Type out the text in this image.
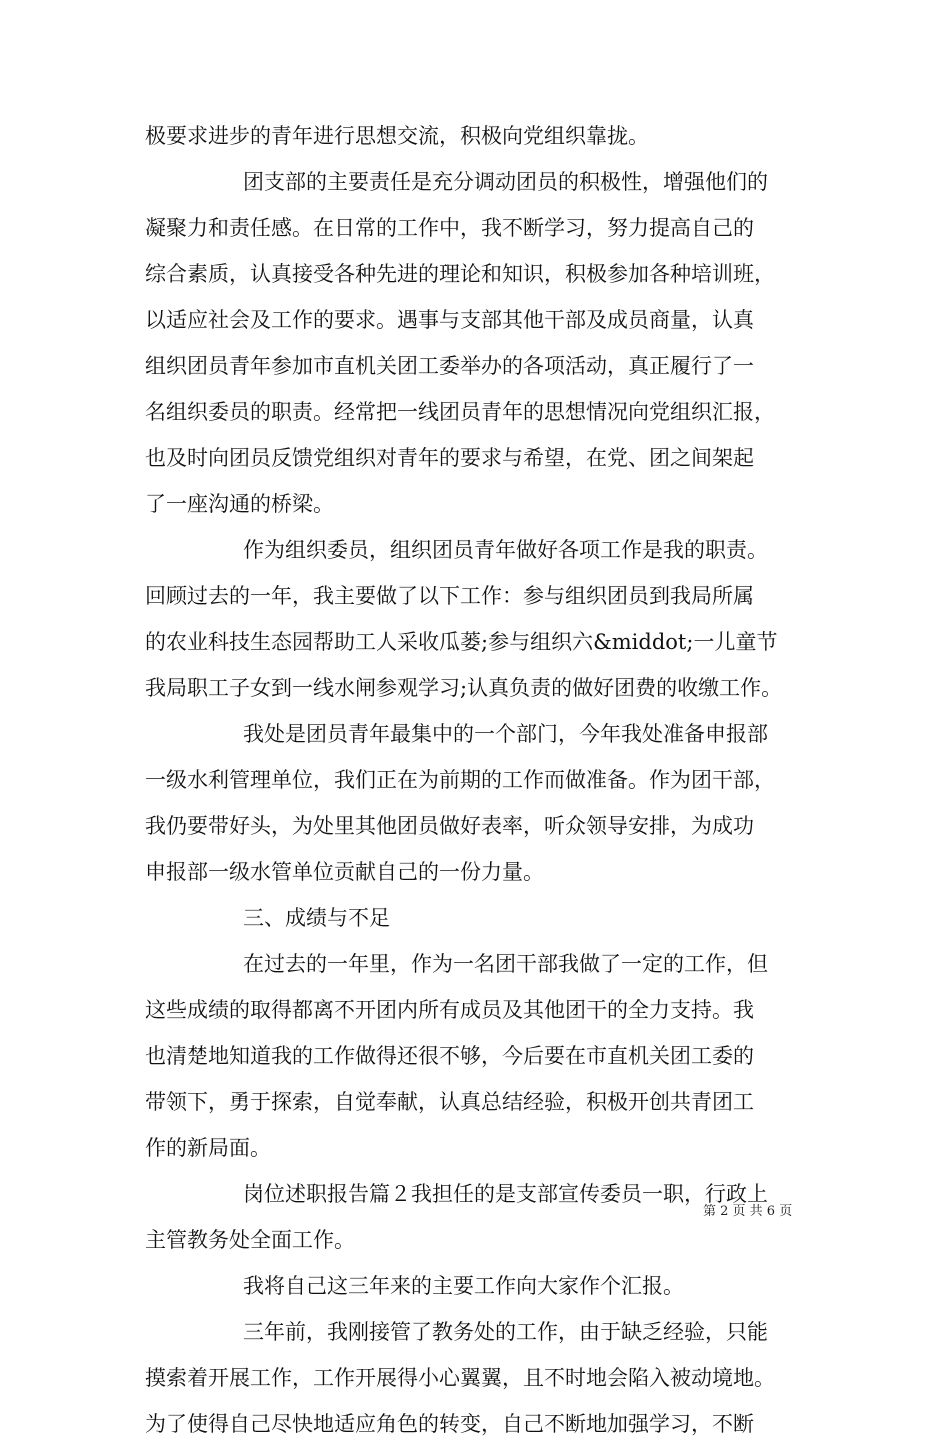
极要求进步的青年进行思想交流，积极向党组织靠拢。
团支部的主要责任是充分调动团员的积极性，增强他们的
凝聚力和责任感。在日常的工作中，我不断学习，努力提高自己的
综合素质，认真接受各种先进的理论和知识，积极参加各种培训班，
以适应社会及工作的要求。遇事与支部其他干部及成员商量，认真
组织团员青年参加市直机关团工委举办的各项活动，真正履行了一
名组织委员的职责。经常把一线团员青年的思想情况向党组织汇报，
也及时向团员反馈党组织对青年的要求与希望，在党、团之间架起
了一座沟通的桥梁。
作为组织委员，组织团员青年做好各项工作是我的职责。
回顾过去的一年，我主要做了以下工作：参与组织团员到我局所属
的农业科技生态园帮助工人采收瓜蒌;参与组织六&middot;一儿童节
我局职工子女到一线水闸参观学习;认真负责的做好团费的收缴工作。
我处是团员青年最集中的一个部门，今年我处准备申报部
一级水利管理单位，我们正在为前期的工作而做准备。作为团干部，
我仍要带好头，为处里其他团员做好表率，听众领导安排，为成功
申报部一级水管单位贡献自己的一份力量。
三、成绩与不足
在过去的一年里，作为一名团干部我做了一定的工作，但
这些成绩的取得都离不开团内所有成员及其他团干的全力支持。我
也清楚地知道我的工作做得还很不够，今后要在市直机关团工委的
带领下，勇于探索，自觉奉献，认真总结经验，积极开创共青团工
作的新局面。
岗位述职报告篇２我担任的是支部宣传委员一职，行政上
主管教务处全面工作。
我将自己这三年来的主要工作向大家作个汇报。
三年前，我刚接管了教务处的工作，由于缺乏经验，只能
摸索着开展工作，工作开展得小心翼翼，且不时地会陷入被动境地。
为了使得自己尽快地适应角色的转变，自己不断地加强学习，不断
第 2 页 共 6 页
